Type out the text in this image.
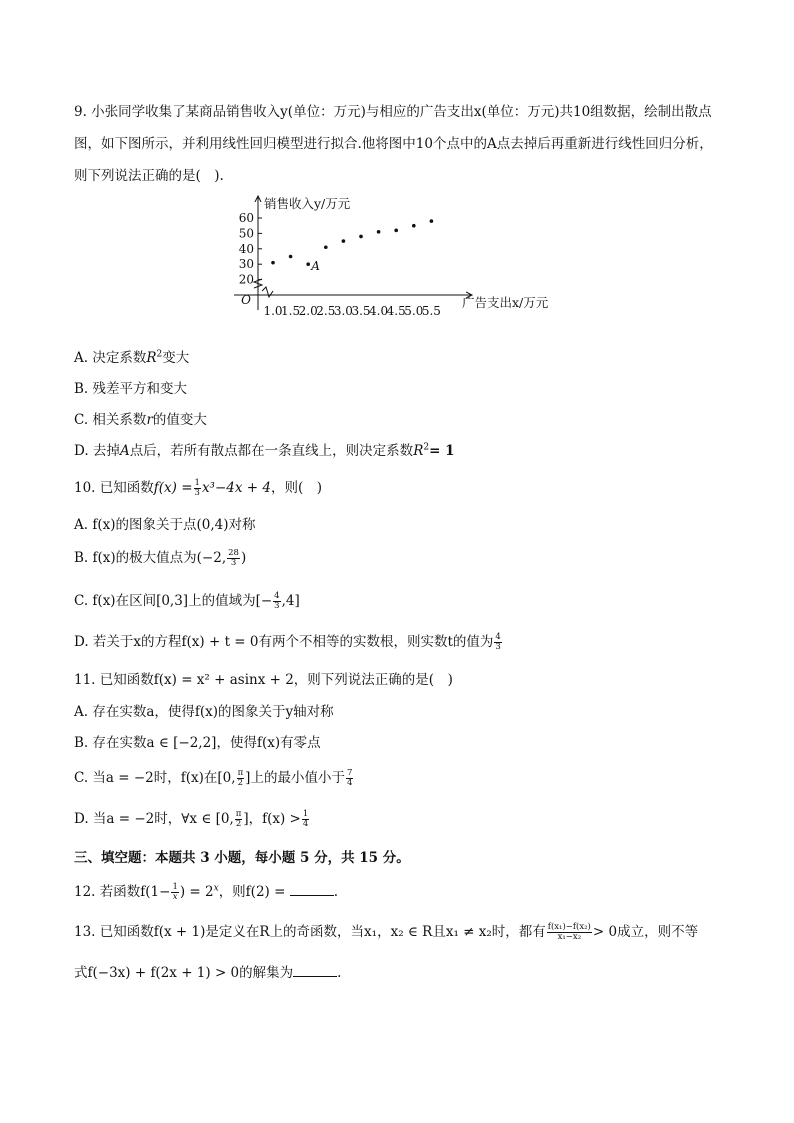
9. 小张同学收集了某商品销售收入y(单位：万元)与相应的广告支出x(单位：万元)共10组数据，绘制出散点图，如下图所示，并利用线性回归模型进行拟合.他将图中10个点中的A点去掉后再重新进行线性回归分析，则下列说法正确的是(　).
20
30
40
50
60
1.0
1.5
2.0
2.5
3.0
3.5
4.0
4.5
5.0
5.5
O
销售收入y/万元
广告支出x/万元
A
A. 决定系数$R^2$变大
B. 残差平方和变大
C. 相关系数r的值变大
D. 去掉A点后，若所有散点都在一条直线上，则决定系数$R^2= 1$
10. 已知函数$f(x) = \frac{1}{3} x^3-4x + 4$，则(　)
A. f(x)的图象关于点(0,4)对称
B. f(x)的极大值点为(−2, $\frac{28}{3}$ )
C. f(x)在区间[0,3]上的值域为[− $\frac{4}{3} ,4$]
D. 若关于x的方程f(x) + t = 0有两个不相等的实数根，则实数t的值为 $\frac{4}{3}$
11. 已知函数f(x) = x² + asinx + 2，则下列说法正确的是(　)
A. 存在实数a，使得f(x)的图象关于y轴对称
B. 存在实数a ∈ [−2,2]，使得f(x)有零点
C. 当a = −2时，f(x)在[0, $\frac{\pi}{2}$ ]上的最小值小于 $\frac{7}{4}$
D. 当a = −2时，∀x ∈ [0, $\frac{\pi}{2}$ ]，$f(x) > \frac{1}{4}$
三、填空题：本题共 3 小题，每小题 5 分，共 15 分。
12. 若函数$f(1- \frac{1}{x}$ ) = $2^x$，则f(2) =	.
13. 已知函数f(x + 1)是定义在R上的奇函数，当x₁，x₂ ∈ R且x₁ ≠ x₂时，都有 $\frac{\text{f(x₁)−f(x₂)}}{\text{x₁−x₂}} > 0$成立，则不等
式f(−3x) + f(2x + 1) > 0的解集为	.
